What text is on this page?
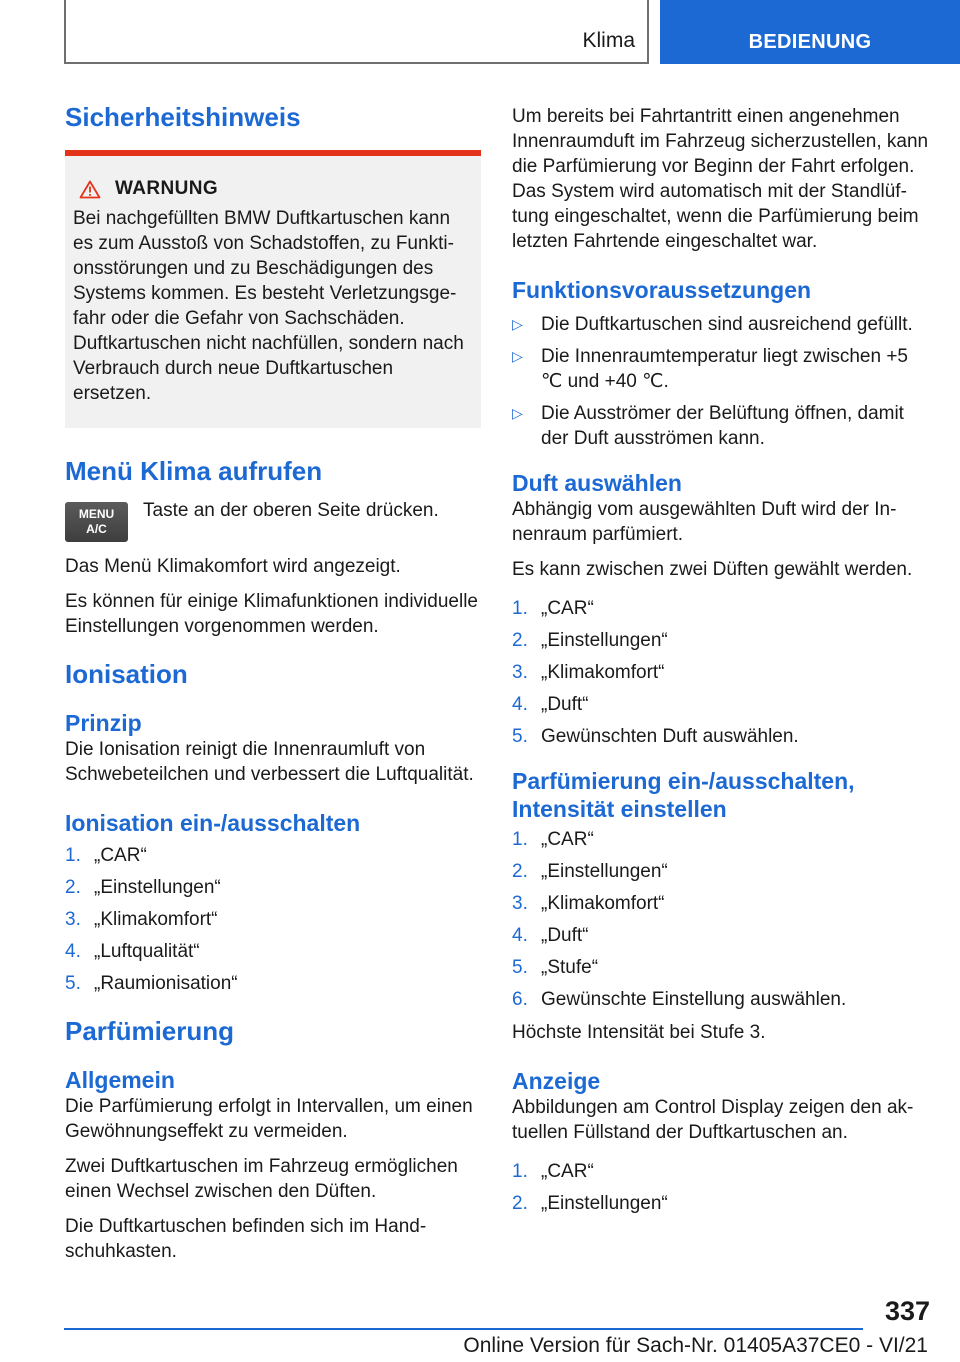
Klima	BEDIENUNG
Sicherheitshinweis
WARNUNG

Bei nachgefüllten BMW Duftkartuschen kann es zum Ausstoß von Schadstoffen, zu Funktionsstörungen und zu Beschädigungen des Systems kommen. Es besteht Verletzungsgefahr oder die Gefahr von Sachschäden. Duftkartuschen nicht nachfüllen, sondern nach Verbrauch durch neue Duftkartuschen ersetzen.

Menü Klima aufrufen
MENU
A/C

Taste an der oberen Seite drücken.

Das Menü Klimakomfort wird angezeigt.

Es können für einige Klimafunktionen individuelle Einstellungen vorgenommen werden.

Ionisation
Prinzip

Die Ionisation reinigt die Innenraumluft von Schwebeteilchen und verbessert die Luftqualität.

Ionisation ein-/ausschalten
1. „CAR“
2. „Einstellungen“
3. „Klimakomfort“
4. „Luftqualität“
5. „Raumionisation“
Parfümierung
Allgemein

Die Parfümierung erfolgt in Intervallen, um einen Gewöhnungseffekt zu vermeiden.

Zwei Duftkartuschen im Fahrzeug ermöglichen einen Wechsel zwischen den Düften.

Die Duftkartuschen befinden sich im Handschuhkasten.

Um bereits bei Fahrtantritt einen angenehmen Innenraumduft im Fahrzeug sicherzustellen, kann die Parfümierung vor Beginn der Fahrt erfolgen. Das System wird automatisch mit der Standlüftung eingeschaltet, wenn die Parfümierung beim letzten Fahrtende eingeschaltet war.

Funktionsvoraussetzungen
▷ Die Duftkartuschen sind ausreichend gefüllt.
▷ Die Innenraumtemperatur liegt zwischen +5 ℃ und +40 ℃.
▷ Die Ausströmer der Belüftung öffnen, damit der Duft ausströmen kann.
Duft auswählen

Abhängig vom ausgewählten Duft wird der Innenraum parfümiert.

Es kann zwischen zwei Düften gewählt werden.

1. „CAR“
2. „Einstellungen“
3. „Klimakomfort“
4. „Duft“
5. Gewünschten Duft auswählen.
Parfümierung ein-/ausschalten, Intensität einstellen
1. „CAR“
2. „Einstellungen“
3. „Klimakomfort“
4. „Duft“
5. „Stufe“
6. Gewünschte Einstellung auswählen.

Höchste Intensität bei Stufe 3.

Anzeige

Abbildungen am Control Display zeigen den aktuellen Füllstand der Duftkartuschen an.

1. „CAR“
2. „Einstellungen“
337
Online Version für Sach-Nr. 01405A37CE0 - VI/21
